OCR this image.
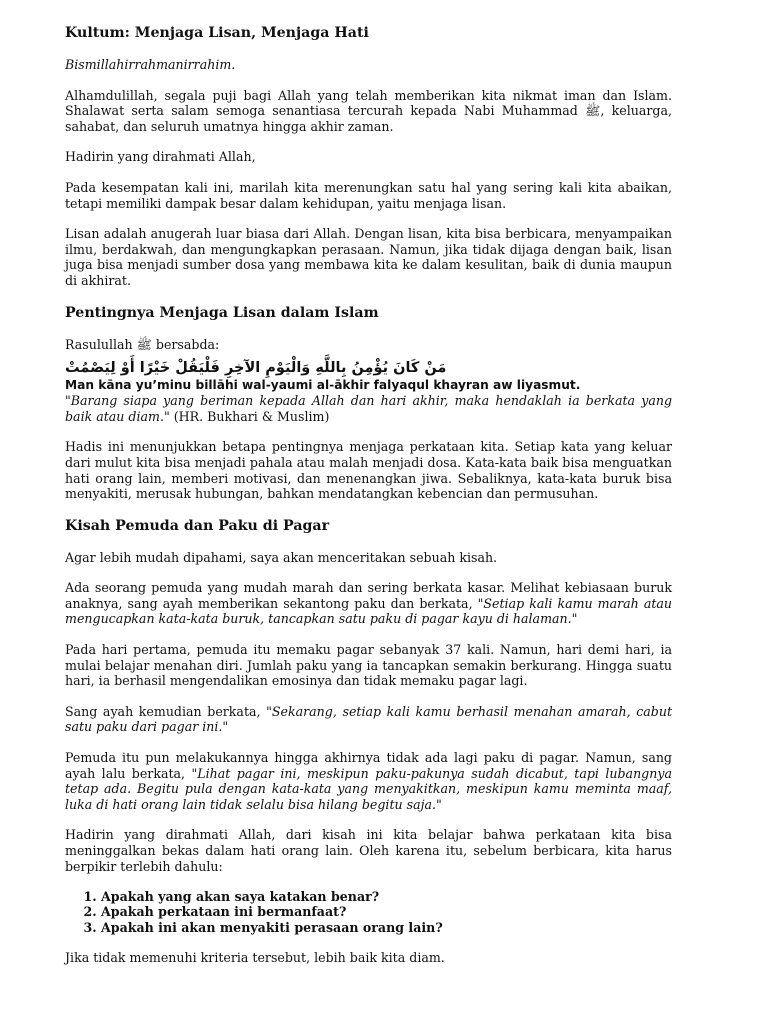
Kultum: Menjaga Lisan, Menjaga Hati

Bismillahirrahmanirrahim.

Alhamdulillah, segala puji bagi Allah yang telah memberikan kita nikmat iman dan Islam. Shalawat serta salam semoga senantiasa tercurah kepada Nabi Muhammad ﷺ, keluarga, sahabat, dan seluruh umatnya hingga akhir zaman.

Hadirin yang dirahmati Allah,

Pada kesempatan kali ini, marilah kita merenungkan satu hal yang sering kali kita abaikan, tetapi memiliki dampak besar dalam kehidupan, yaitu menjaga lisan.

Lisan adalah anugerah luar biasa dari Allah. Dengan lisan, kita bisa berbicara, menyampaikan ilmu, berdakwah, dan mengungkapkan perasaan. Namun, jika tidak dijaga dengan baik, lisan juga bisa menjadi sumber dosa yang membawa kita ke dalam kesulitan, baik di dunia maupun di akhirat.

Pentingnya Menjaga Lisan dalam Islam

Rasulullah ﷺ bersabda:

مَنْ كَانَ يُؤْمِنُ بِاللَّهِ وَالْيَوْمِ الآخِرِ فَلْيَقُلْ خَيْرًا أَوْ لِيَصْمُتْ

Man kāna yu’minu billāhi wal-yaumi al-ākhir falyaqul khayran aw liyasmut.

"Barang siapa yang beriman kepada Allah dan hari akhir, maka hendaklah ia berkata yang baik atau diam." (HR. Bukhari & Muslim)

Hadis ini menunjukkan betapa pentingnya menjaga perkataan kita. Setiap kata yang keluar dari mulut kita bisa menjadi pahala atau malah menjadi dosa. Kata-kata baik bisa menguatkan hati orang lain, memberi motivasi, dan menenangkan jiwa. Sebaliknya, kata-kata buruk bisa menyakiti, merusak hubungan, bahkan mendatangkan kebencian dan permusuhan.

Kisah Pemuda dan Paku di Pagar

Agar lebih mudah dipahami, saya akan menceritakan sebuah kisah.

Ada seorang pemuda yang mudah marah dan sering berkata kasar. Melihat kebiasaan buruk anaknya, sang ayah memberikan sekantong paku dan berkata, "Setiap kali kamu marah atau mengucapkan kata-kata buruk, tancapkan satu paku di pagar kayu di halaman."

Pada hari pertama, pemuda itu memaku pagar sebanyak 37 kali. Namun, hari demi hari, ia mulai belajar menahan diri. Jumlah paku yang ia tancapkan semakin berkurang. Hingga suatu hari, ia berhasil mengendalikan emosinya dan tidak memaku pagar lagi.

Sang ayah kemudian berkata, "Sekarang, setiap kali kamu berhasil menahan amarah, cabut satu paku dari pagar ini."

Pemuda itu pun melakukannya hingga akhirnya tidak ada lagi paku di pagar. Namun, sang ayah lalu berkata, "Lihat pagar ini, meskipun paku-pakunya sudah dicabut, tapi lubangnya tetap ada. Begitu pula dengan kata-kata yang menyakitkan, meskipun kamu meminta maaf, luka di hati orang lain tidak selalu bisa hilang begitu saja."

Hadirin yang dirahmati Allah, dari kisah ini kita belajar bahwa perkataan kita bisa meninggalkan bekas dalam hati orang lain. Oleh karena itu, sebelum berbicara, kita harus berpikir terlebih dahulu:

1. Apakah yang akan saya katakan benar?
2. Apakah perkataan ini bermanfaat?
3. Apakah ini akan menyakiti perasaan orang lain?

Jika tidak memenuhi kriteria tersebut, lebih baik kita diam.
